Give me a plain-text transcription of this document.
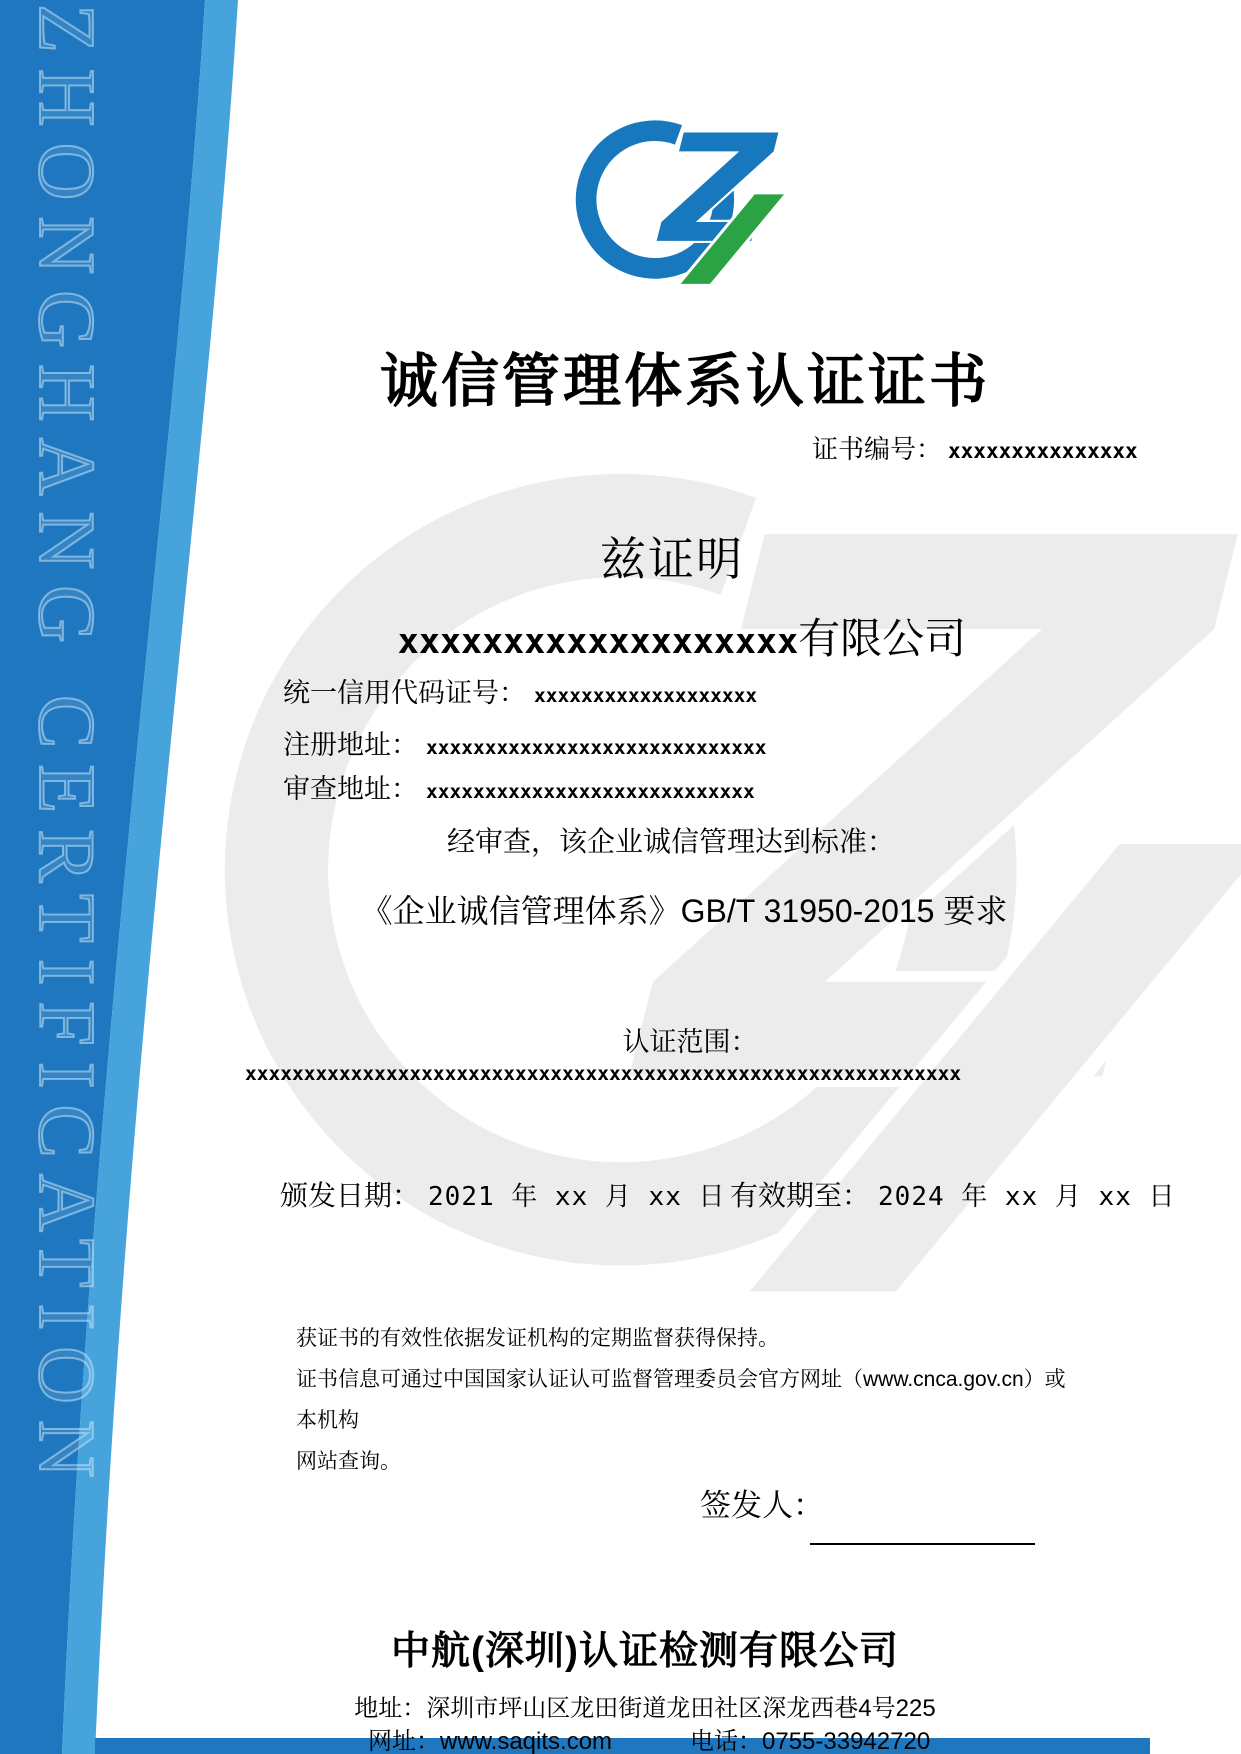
ZHONGHANG CERTIFICATION	诚信管理体系认证证书
证书编号： xxxxxxxxxxxxxxx
兹证明
xxxxxxxxxxxxxxxxxxx有限公司
统一信用代码证号： xxxxxxxxxxxxxxxxxxx
注册地址： xxxxxxxxxxxxxxxxxxxxxxxxxxxxx
审查地址： xxxxxxxxxxxxxxxxxxxxxxxxxxxx
经审查，该企业诚信管理达到标准：
《企业诚信管理体系》GB/T 31950-2015 要求
认证范围：
xxxxxxxxxxxxxxxxxxxxxxxxxxxxxxxxxxxxxxxxxxxxxxxxxxxxxxxxxxxxx
颁发日期： 2021 年 xx 月 xx 日 有效期至： 2024 年 xx 月 xx 日
获证书的有效性依据发证机构的定期监督获得保持。
证书信息可通过中国国家认证认可监督管理委员会官方网址（www.cnca.gov.cn）或本机构
网站查询。
签发人：
中航(深圳)认证检测有限公司
地址：深圳市坪山区龙田街道龙田社区深龙西巷4号225
网址：www.saqits.com	电话：0755-33942720
